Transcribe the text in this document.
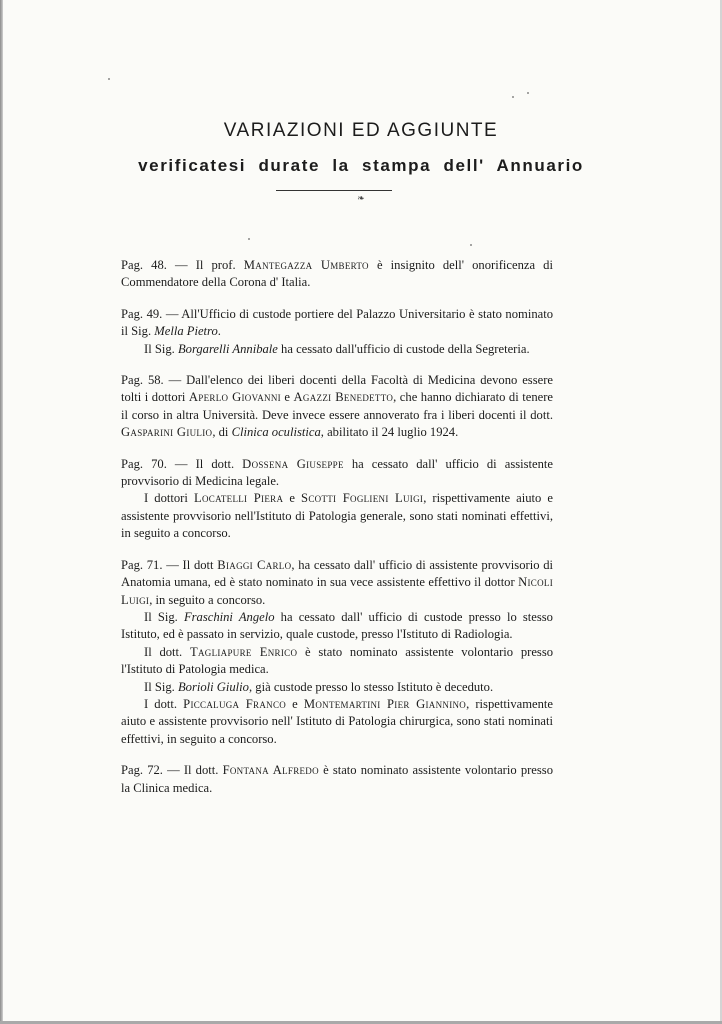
VARIAZIONI ED AGGIUNTE
verificatesi durate la stampa dell' Annuario
❧

Pag. 48. — Il prof. Mantegazza Umberto è insignito dell' onorificenza di Commendatore della Corona d' Italia.

Pag. 49. — All'Ufficio di custode portiere del Palazzo Universitario è stato nominato il Sig. Mella Pietro.

Il Sig. Borgarelli Annibale ha cessato dall'ufficio di custode della Segreteria.

Pag. 58. — Dall'elenco dei liberi docenti della Facoltà di Medicina devono essere tolti i dottori Aperlo Giovanni e Agazzi Benedetto, che hanno dichiarato di tenere il corso in altra Università. Deve invece essere annoverato fra i liberi docenti il dott. Gasparini Giulio, di Clinica oculistica, abilitato il 24 luglio 1924.

Pag. 70. — Il dott. Dossena Giuseppe ha cessato dall' ufficio di assistente provvisorio di Medicina legale.

I dottori Locatelli Piera e Scotti Foglieni Luigi, rispettivamente aiuto e assistente provvisorio nell'Istituto di Patologia generale, sono stati nominati effettivi, in seguito a concorso.

Pag. 71. — Il dott Biaggi Carlo, ha cessato dall' ufficio di assistente provvisorio di Anatomia umana, ed è stato nominato in sua vece assistente effettivo il dottor Nicoli Luigi, in seguito a concorso.

Il Sig. Fraschini Angelo ha cessato dall' ufficio di custode presso lo stesso Istituto, ed è passato in servizio, quale custode, presso l'Istituto di Radiologia.

Il dott. Tagliapure Enrico è stato nominato assistente volontario presso l'Istituto di Patologia medica.

Il Sig. Borioli Giulio, già custode presso lo stesso Istituto è deceduto.

I dott. Piccaluga Franco e Montemartini Pier Giannino, rispettivamente aiuto e assistente provvisorio nell' Istituto di Patologia chirurgica, sono stati nominati effettivi, in seguito a concorso.

Pag. 72. — Il dott. Fontana Alfredo è stato nominato assistente volontario presso la Clinica medica.
